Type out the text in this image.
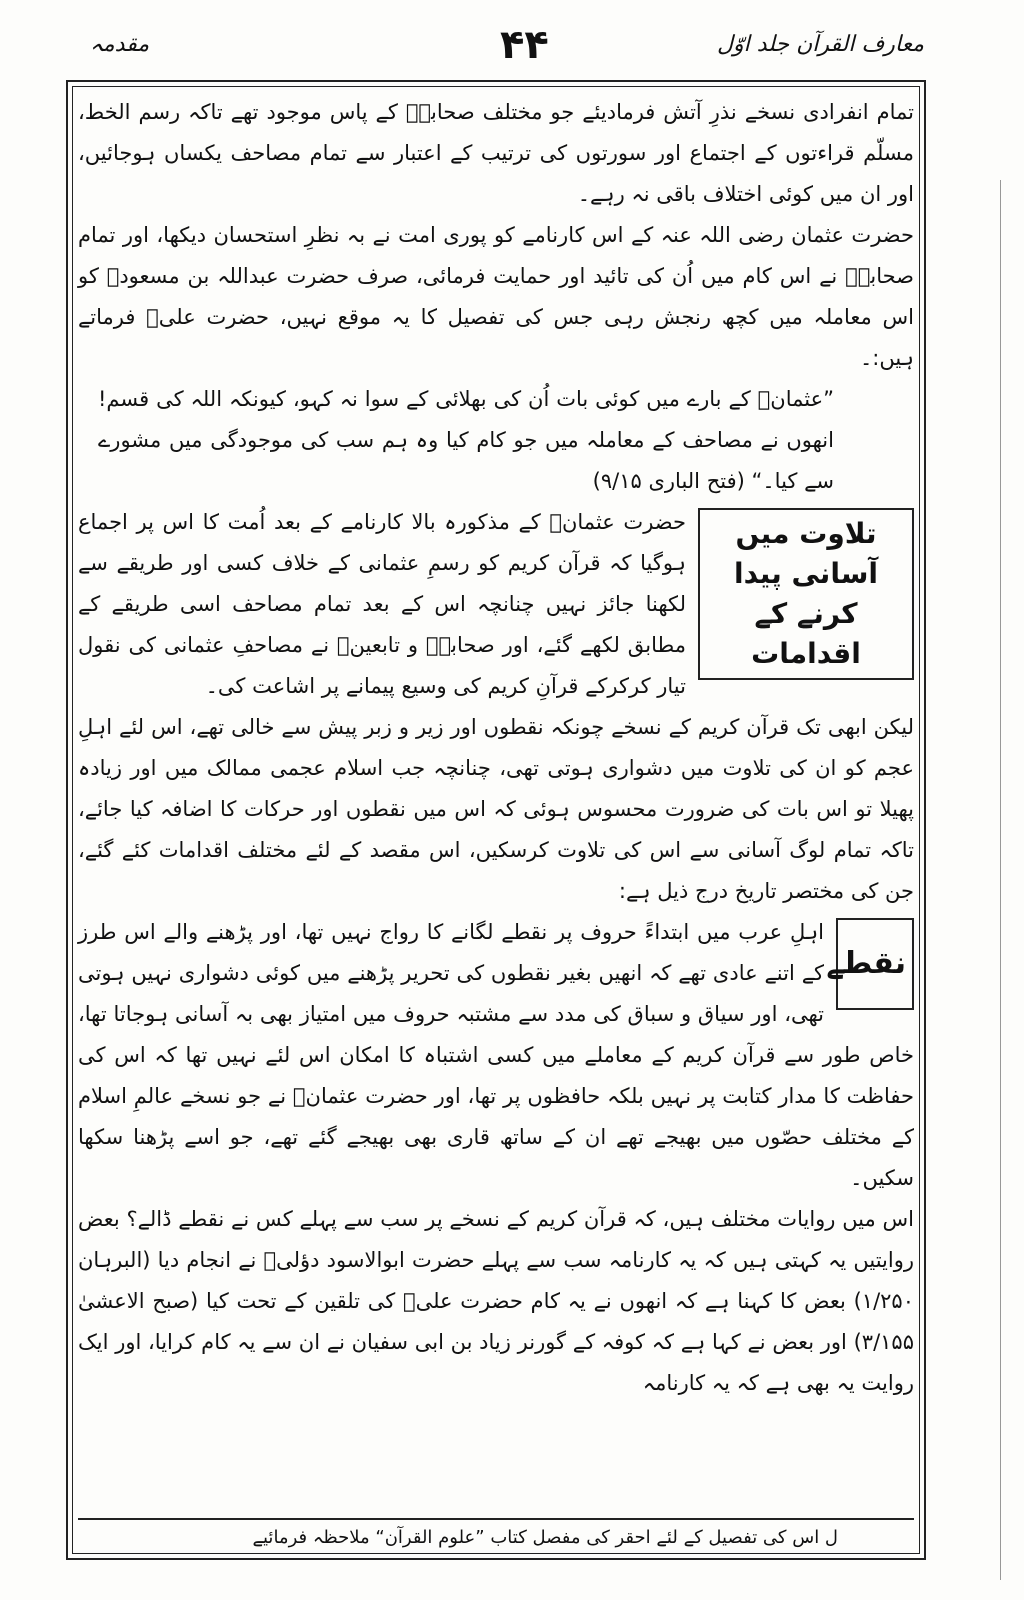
مقدمہ	۴۴	معارف القرآن جلد اوّل

تمام انفرادی نسخے نذرِ آتش فرمادیئے جو مختلف صحابہؓ کے پاس موجود تھے تاکہ رسم الخط، مسلّم قراءتوں کے اجتماع اور سورتوں کی ترتیب کے اعتبار سے تمام مصاحف یکساں ہوجائیں، اور ان میں کوئی اختلاف باقی نہ رہے۔

حضرت عثمان رضی اللہ عنہ کے اس کارنامے کو پوری امت نے بہ نظرِ استحسان دیکھا، اور تمام صحابہؓ نے اس کام میں اُن کی تائید اور حمایت فرمائی، صرف حضرت عبداللہ بن مسعودؓ کو اس معاملہ میں کچھ رنجش رہی جس کی تفصیل کا یہ موقع نہیں، حضرت علیؓ فرماتے ہیں:۔

”عثمانؓ کے بارے میں کوئی بات اُن کی بھلائی کے سوا نہ کہو، کیونکہ اللہ کی قسم! انھوں نے مصاحف کے معاملہ میں جو کام کیا وہ ہم سب کی موجودگی میں مشورے سے کیا۔“ (فتح الباری ۹/۱۵)

تلاوت میں آسانی پیدا کرنے کے اقدامات

حضرت عثمانؓ کے مذکورہ بالا کارنامے کے بعد اُمت کا اس پر اجماع ہوگیا کہ قرآن کریم کو رسمِ عثمانی کے خلاف کسی اور طریقے سے لکھنا جائز نہیں چنانچہ اس کے بعد تمام مصاحف اسی طریقے کے مطابق لکھے گئے، اور صحابہؓ و تابعینؒ نے مصاحفِ عثمانی کی نقول تیار کرکرکے قرآنِ کریم کی وسیع پیمانے پر اشاعت کی۔

لیکن ابھی تک قرآن کریم کے نسخے چونکہ نقطوں اور زیر و زبر پیش سے خالی تھے، اس لئے اہلِ عجم کو ان کی تلاوت میں دشواری ہوتی تھی، چنانچہ جب اسلام عجمی ممالک میں اور زیادہ پھیلا تو اس بات کی ضرورت محسوس ہوئی کہ اس میں نقطوں اور حرکات کا اضافہ کیا جائے، تاکہ تمام لوگ آسانی سے اس کی تلاوت کرسکیں، اس مقصد کے لئے مختلف اقدامات کئے گئے، جن کی مختصر تاریخ درج ذیل ہے:

نقطے

اہلِ عرب میں ابتداءً حروف پر نقطے لگانے کا رواج نہیں تھا، اور پڑھنے والے اس طرز کے اتنے عادی تھے کہ انھیں بغیر نقطوں کی تحریر پڑھنے میں کوئی دشواری نہیں ہوتی تھی، اور سیاق و سباق کی مدد سے مشتبہ حروف میں امتیاز بھی بہ آسانی ہوجاتا تھا، خاص طور سے قرآن کریم کے معاملے میں کسی اشتباہ کا امکان اس لئے نہیں تھا کہ اس کی حفاظت کا مدار کتابت پر نہیں بلکہ حافظوں پر تھا، اور حضرت عثمانؓ نے جو نسخے عالمِ اسلام کے مختلف حصّوں میں بھیجے تھے ان کے ساتھ قاری بھی بھیجے گئے تھے، جو اسے پڑھنا سکھا سکیں۔

اس میں روایات مختلف ہیں، کہ قرآن کریم کے نسخے پر سب سے پہلے کس نے نقطے ڈالے؟ بعض روایتیں یہ کہتی ہیں کہ یہ کارنامہ سب سے پہلے حضرت ابوالاسود دؤلیؒ نے انجام دیا (البرہان ۱/۲۵۰) بعض کا کہنا ہے کہ انھوں نے یہ کام حضرت علیؓ کی تلقین کے تحت کیا (صبح الاعشیٰ ۳/۱۵۵) اور بعض نے کہا ہے کہ کوفہ کے گورنر زیاد بن ابی سفیان نے ان سے یہ کام کرایا، اور ایک روایت یہ بھی ہے کہ یہ کارنامہ

ل اس کی تفصیل کے لئے احقر کی مفصل کتاب ”علوم القرآن“ ملاحظہ فرمائیے
